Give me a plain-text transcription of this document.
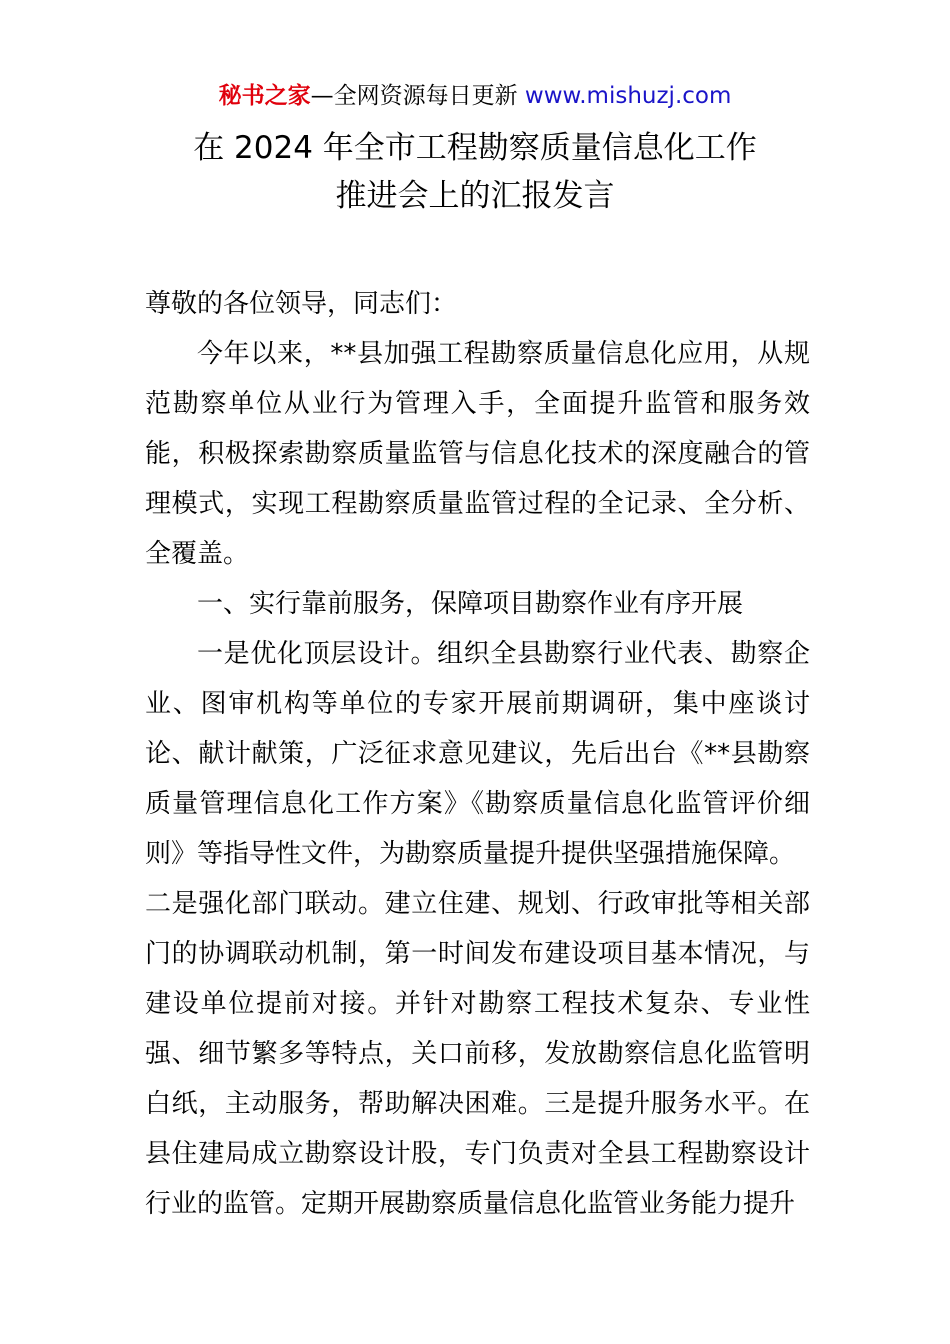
秘书之家—全网资源每日更新 www.mishuzj.com
在 2024 年全市工程勘察质量信息化工作
推进会上的汇报发言

尊敬的各位领导，同志们：

今年以来，**县加强工程勘察质量信息化应用，从规范勘察单位从业行为管理入手，全面提升监管和服务效能，积极探索勘察质量监管与信息化技术的深度融合的管理模式，实现工程勘察质量监管过程的全记录、全分析、全覆盖。

一、实行靠前服务，保障项目勘察作业有序开展

一是优化顶层设计。组织全县勘察行业代表、勘察企业、图审机构等单位的专家开展前期调研，集中座谈讨论、献计献策，广泛征求意见建议，先后出台《**县勘察质量管理信息化工作方案》《勘察质量信息化监管评价细则》等指导性文件，为勘察质量提升提供坚强措施保障。

二是强化部门联动。建立住建、规划、行政审批等相关部门的协调联动机制，第一时间发布建设项目基本情况，与建设单位提前对接。并针对勘察工程技术复杂、专业性强、细节繁多等特点，关口前移，发放勘察信息化监管明白纸，主动服务，帮助解决困难。三是提升服务水平。在县住建局成立勘察设计股，专门负责对全县工程勘察设计行业的监管。定期开展勘察质量信息化监管业务能力提升
